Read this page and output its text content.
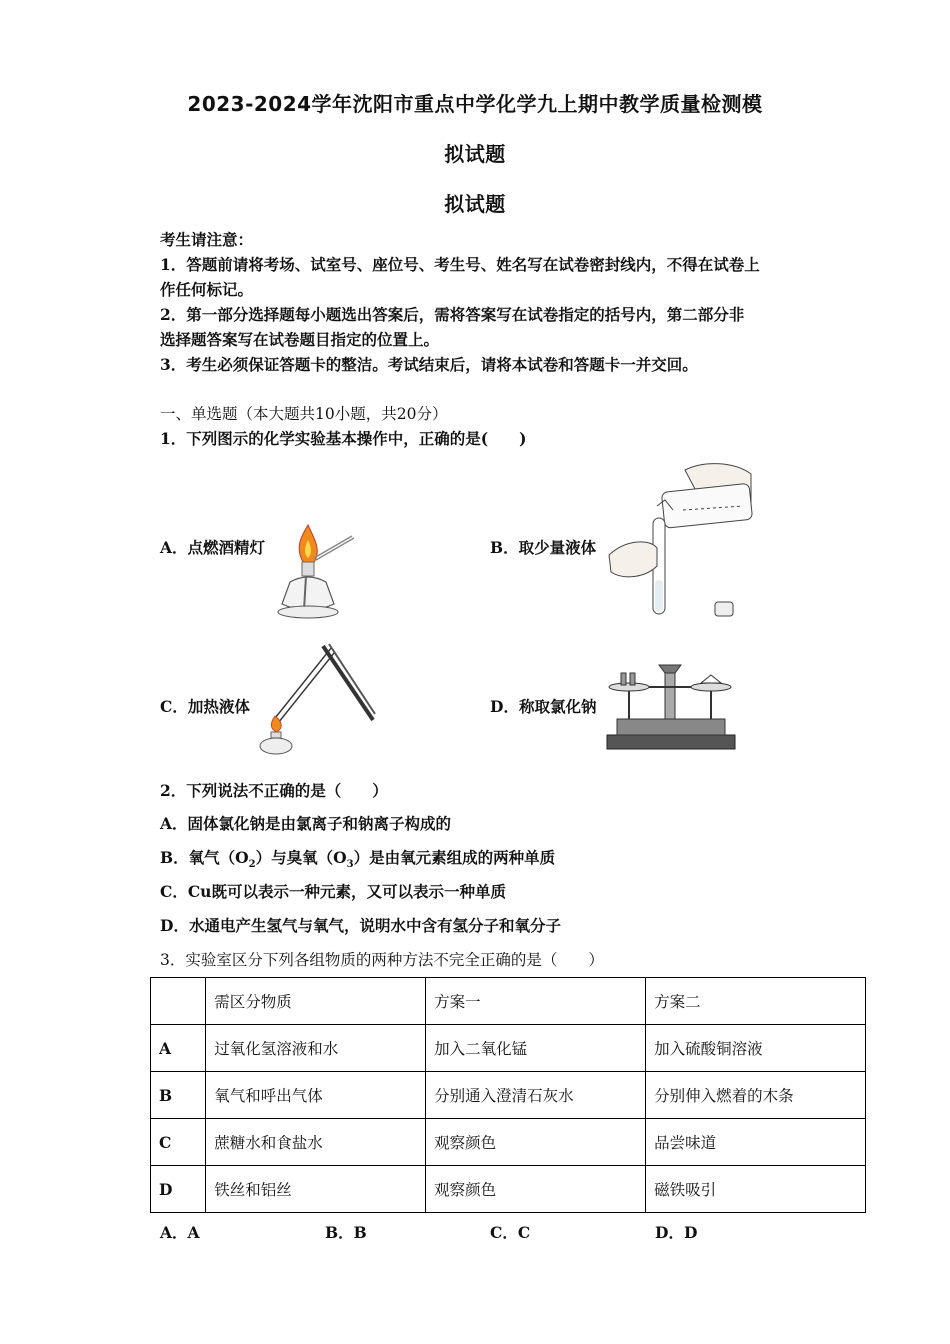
2023-2024学年沈阳市重点中学化学九上期中教学质量检测模
拟试题
拟试题
考生请注意：
1．答题前请将考场、试室号、座位号、考生号、姓名写在试卷密封线内，不得在试卷上
作任何标记。
2．第一部分选择题每小题选出答案后，需将答案写在试卷指定的括号内，第二部分非
选择题答案写在试卷题目指定的位置上。
3．考生必须保证答题卡的整洁。考试结束后，请将本试卷和答题卡一并交回。
一、单选题（本大题共10小题，共20分）
1．下列图示的化学实验基本操作中，正确的是(　　)
A．点燃酒精灯	B．取少量液体
C．加热液体	D．称取氯化钠
2．下列说法不正确的是（　　）
A．固体氯化钠是由氯离子和钠离子构成的
B．氧气$(O_2)$与臭氧$(O_3)$是由氧元素组成的两种单质
C．Cu既可以表示一种元素，又可以表示一种单质
D．水通电产生氢气与氧气，说明水中含有氢分子和氧分子
3．实验室区分下列各组物质的两种方法不完全正确的是（　　）
	需区分物质	方案一	方案二
A	过氧化氢溶液和水	加入二氧化锰	加入硫酸铜溶液
B	氧气和呼出气体	分别通入澄清石灰水	分别伸入燃着的木条
C	蔗糖水和食盐水	观察颜色	品尝味道
D	铁丝和铝丝	观察颜色	磁铁吸引
A．A	B．B	C．C	D．D
